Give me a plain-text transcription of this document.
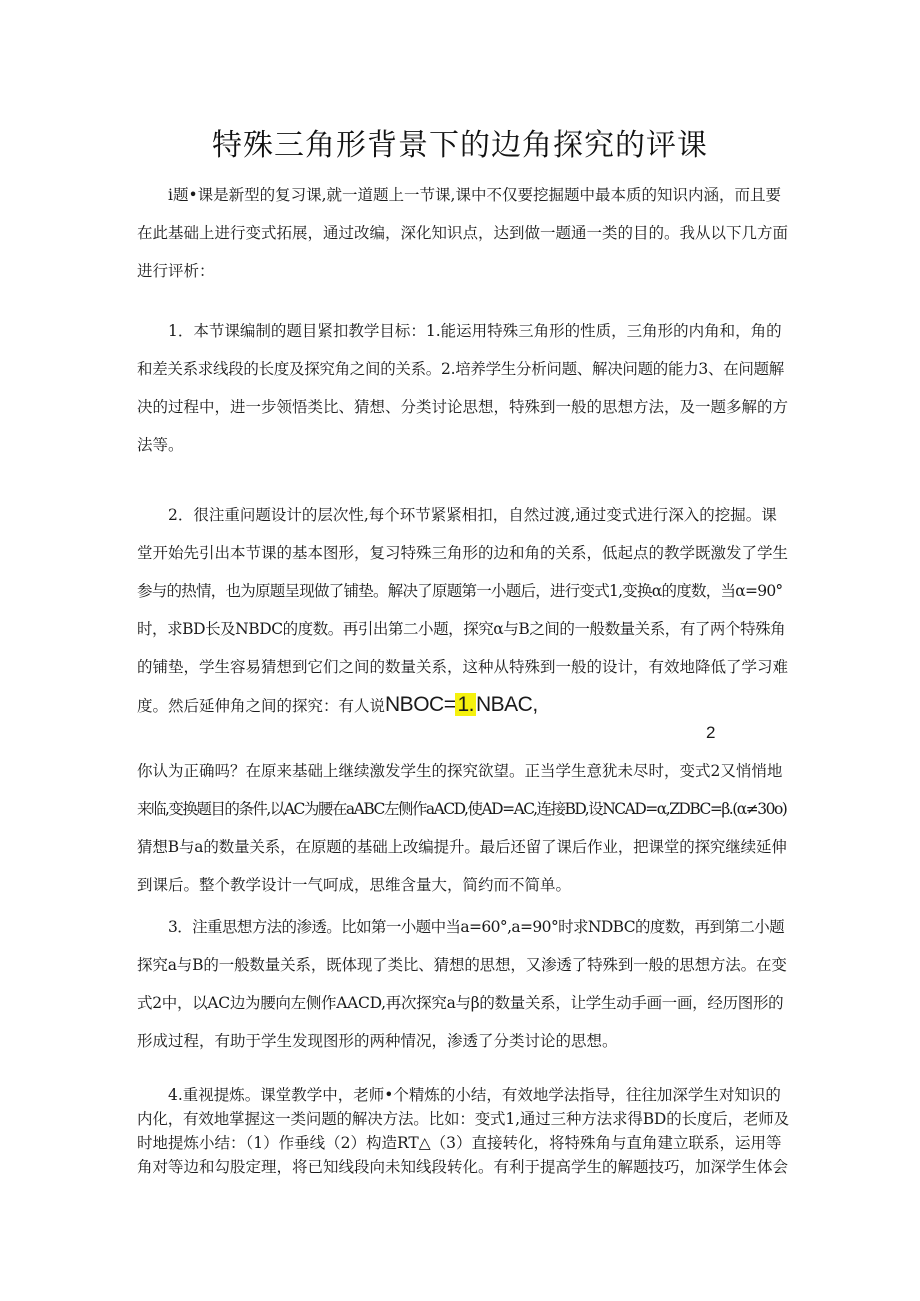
特殊三角形背景下的边角探究的评课
i题•课是新型的复习课,就一道题上一节课,课中不仅要挖掘题中最本质的知识内涵，而且要
在此基础上进行变式拓展，通过改编，深化知识点，达到做一题通一类的目的。我从以下几方面
进行评析：
1．本节课编制的题目紧扣教学目标：1.能运用特殊三角形的性质，三角形的内角和，角的
和差关系求线段的长度及探究角之间的关系。2.培养学生分析问题、解决问题的能力3、在问题解
决的过程中，进一步领悟类比、猜想、分类讨论思想，特殊到一般的思想方法，及一题多解的方
法等。
2．很注重问题设计的层次性,每个环节紧紧相扣，自然过渡,通过变式进行深入的挖掘。课
堂开始先引出本节课的基本图形，复习特殊三角形的边和角的关系，低起点的教学既激发了学生
参与的热情，也为原题呈现做了铺垫。解决了原题第一小题后，进行变式1,变换α的度数，当α=90°
时，求BD长及NBDC的度数。再引出第二小题，探究α与B之间的一般数量关系，有了两个特殊角
的铺垫，学生容易猜想到它们之间的数量关系，这种从特殊到一般的设计，有效地降低了学习难
度。然后延伸角之间的探究：有人说NBOC=1.NBAC,
2
你认为正确吗？在原来基础上继续激发学生的探究欲望。正当学生意犹未尽时，变式2又悄悄地
来临,变换题目的条件,以AC为腰在aABC左侧作aACD,使AD=AC,连接BD,设NCAD=α,ZDBC=β.(α≠30o)
猜想B与a的数量关系，在原题的基础上改编提升。最后还留了课后作业，把课堂的探究继续延伸
到课后。整个教学设计一气呵成，思维含量大，简约而不简单。
3．注重思想方法的渗透。比如第一小题中当a=60°,a=90°时求NDBC的度数，再到第二小题
探究a与B的一般数量关系，既体现了类比、猜想的思想，又渗透了特殊到一般的思想方法。在变
式2中，以AC边为腰向左侧作AACD,再次探究a与β的数量关系，让学生动手画一画，经历图形的
形成过程，有助于学生发现图形的两种情况，渗透了分类讨论的思想。
4.重视提炼。课堂教学中，老师•个精炼的小结，有效地学法指导，往往加深学生对知识的
内化，有效地掌握这一类问题的解决方法。比如：变式1,通过三种方法求得BD的长度后，老师及
时地提炼小结：（1）作垂线（2）构造RT△（3）直接转化，将特殊角与直角建立联系，运用等
角对等边和勾股定理，将已知线段向未知线段转化。有利于提高学生的解题技巧，加深学生体会
